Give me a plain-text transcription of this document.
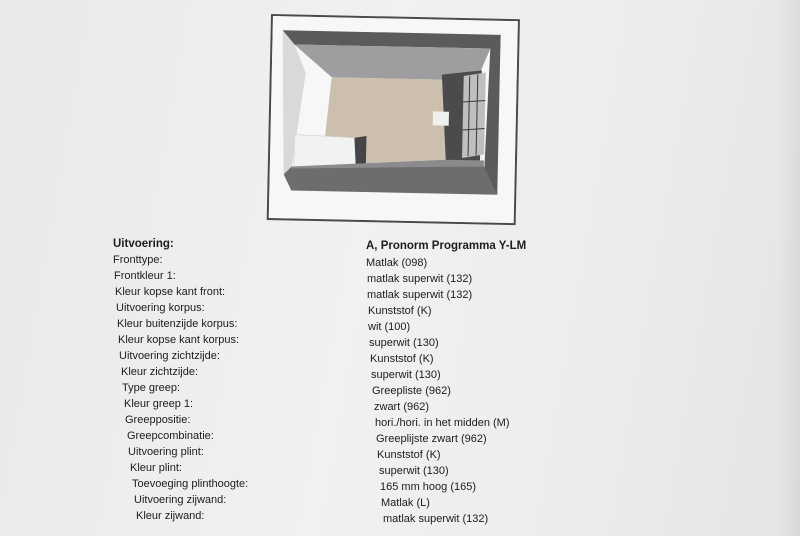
Uitvoering:	A, Pronorm Programma Y-LM
Fronttype:	Matlak (098)
Frontkleur 1:	matlak superwit (132)
Kleur kopse kant front:	matlak superwit (132)
Uitvoering korpus:	Kunststof (K)
Kleur buitenzijde korpus:	wit (100)
Kleur kopse kant korpus:	superwit (130)
Uitvoering zichtzijde:	Kunststof (K)
Kleur zichtzijde:	superwit (130)
Type greep:	Greepliste (962)
Kleur greep 1:	zwart (962)
Greeppositie:	hori./hori. in het midden (M)
Greepcombinatie:	Greeplijste zwart (962)
Uitvoering plint:	Kunststof (K)
Kleur plint:	superwit (130)
Toevoeging plinthoogte:	165 mm hoog (165)
Uitvoering zijwand:	Matlak (L)
Kleur zijwand:	matlak superwit (132)
